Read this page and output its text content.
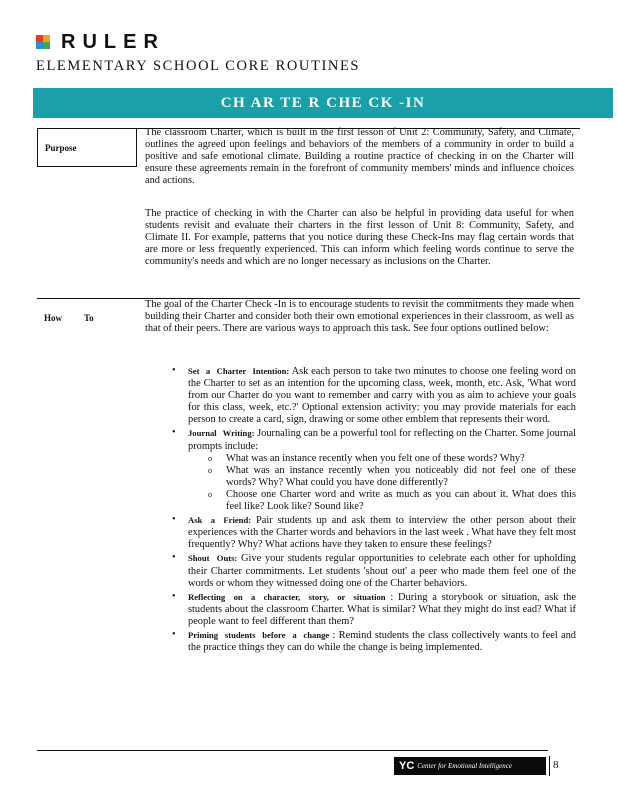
RULER
ELEMENTARY SCHOOL CORE ROUTINES
CH AR TE R CHE CK -IN
Purpose

The classroom Charter, which is built in the first lesson of Unit 2: Community, Safety, and Climate, outlines the agreed upon feelings and behaviors of the members of a community in order to build a positive and safe emotional climate. Building a routine practice of checking in on the Charter will ensure these agreements remain in the forefront of community members' minds and influence choices and actions.

The practice of checking in with the Charter can also be helpful in providing data useful for when students revisit and evaluate their charters in the first lesson of Unit 8: Community, Safety, and Climate II. For example, patterns that you notice during these Check-Ins may flag certain words that are more or less frequently experienced. This can inform which feeling words continue to serve the community's needs and which are no longer necessary as inclusions on the Charter.

How To

The goal of the Charter Check -In is to encourage students to revisit the commitments they made when building their Charter and consider both their own emotional experiences in their classroom, as well as that of their peers. There are various ways to approach this task. See four options outlined below:

• Set a Charter Intention: Ask each person to take two minutes to choose one feeling word on the Charter to set as an intention for the upcoming class, week, month, etc. Ask, 'What word from our Charter do you want to remember and carry with you as aim to achieve your goals for this class, week, etc.?' Optional extension activity: you may provide materials for each person to create a card, sign, drawing or some other emblem that represents their word.
• Journal Writing: Journaling can be a powerful tool for reflecting on the Charter. Some journal prompts include:
o What was an instance recently when you felt one of these words? Why?
o What was an instance recently when you noticeably did not feel one of these words? Why? What could you have done differently?
o Choose one Charter word and write as much as you can about it. What does this feel like? Look like? Sound like?
• Ask a Friend: Pair students up and ask them to interview the other person about their experiences with the Charter words and behaviors in the last week . What have they felt most frequently? Why? What actions have they taken to ensure these feelings?
• Shout Outs: Give your students regular opportunities to celebrate each other for upholding their Charter commitments. Let students 'shout out' a peer who made them feel one of the words or whom they witnessed doing one of the Charter behaviors.
• Reflecting on a character, story, or situation : During a storybook or situation, ask the students about the classroom Charter. What is similar? What they might do inst ead? What if people want to feel different than them?
• Priming students before a change : Remind students the class collectively wants to feel and the practice things they can do while the change is being implemented.
YC Center for Emotional Intelligence	8
